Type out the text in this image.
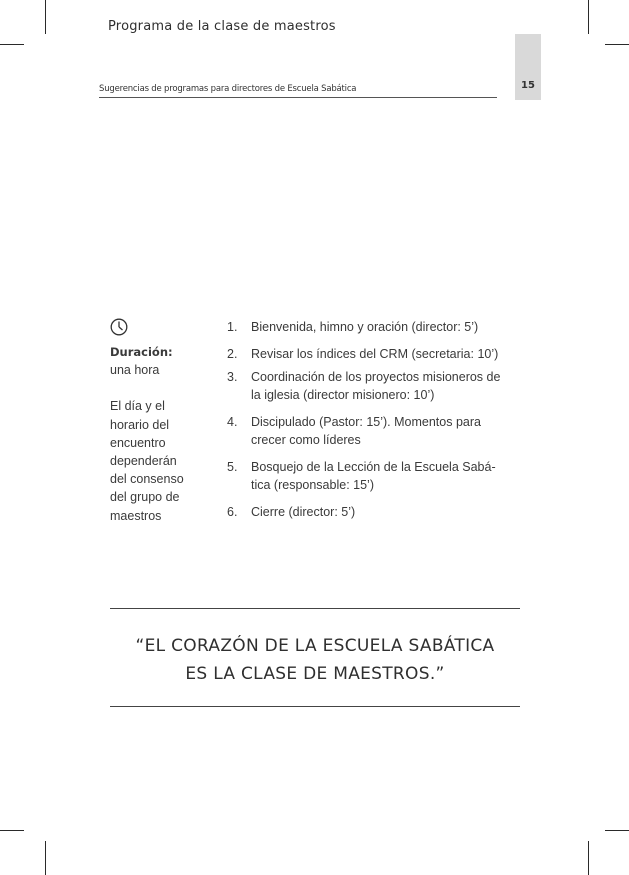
Programa de la clase de maestros
15
Sugerencias de programas para directores de Escuela Sabática
Duración:
una hora
El día y el
horario del
encuentro
dependerán
del consenso
del grupo de
maestros
1.	Bienvenida, himno y oración (director: 5’)
2.	Revisar los índices del CRM (secretaria: 10’)
3.	Coordinación de los proyectos misioneros de
la iglesia (director misionero: 10’)
4.	Discipulado (Pastor: 15’). Momentos para
crecer como líderes
5.	Bosquejo de la Lección de la Escuela Sabá-
tica (responsable: 15’)
6.	Cierre (director: 5’)
“EL CORAZÓN DE LA ESCUELA SABÁTICA
ES LA CLASE DE MAESTROS.”
